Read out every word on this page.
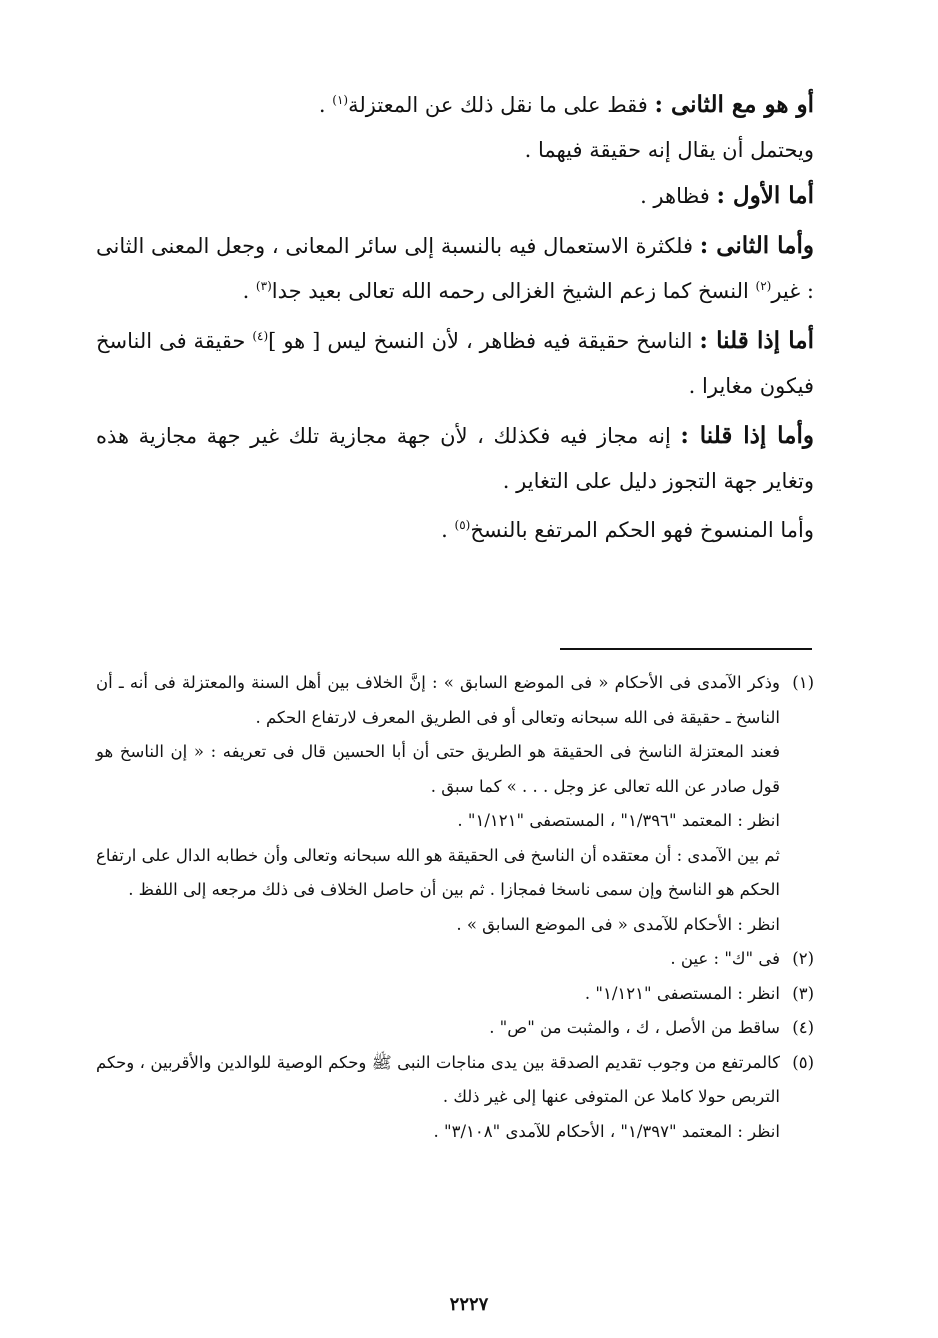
أو هو مع الثانى : فقط على ما نقل ذلك عن المعتزلة$^{(١)}$ .

ويحتمل أن يقال إنه حقيقة فيهما .

أما الأول : فظاهر .

وأما الثانى : فلكثرة الاستعمال فيه بالنسبة إلى سائر المعانى ، وجعل المعنى الثانى : غير$^{(٢)}$ النسخ كما زعم الشيخ الغزالى رحمه الله تعالى بعيد جدا$^{(٣)}$ .

أما إذا قلنا : الناسخ حقيقة فيه فظاهر ، لأن النسخ ليس [ هو ]$^{(٤)}$ حقيقة فى الناسخ فيكون مغايرا .

وأما إذا قلنا : إنه مجاز فيه فكذلك ، لأن جهة مجازية تلك غير جهة مجازية هذه وتغاير جهة التجوز دليل على التغاير .

وأما المنسوخ فهو الحكم المرتفع بالنسخ$^{(٥)}$ .

(١)
وذكر الآمدى فى الأحكام « فى الموضع السابق » : إنَّ الخلاف بين أهل السنة والمعتزلة فى أنه ـ أن الناسخ ـ حقيقة فى الله سبحانه وتعالى أو فى الطريق المعرف لارتفاع الحكم .

فعند المعتزلة الناسخ فى الحقيقة هو الطريق حتى أن أبا الحسين قال فى تعريفه : « إن الناسخ هو قول صادر عن الله تعالى عز وجل . . . » كما سبق .

انظر : المعتمد "١/٣٩٦" ، المستصفى "١/١٢١" .

ثم بين الآمدى : أن معتقده أن الناسخ فى الحقيقة هو الله سبحانه وتعالى وأن خطابه الدال على ارتفاع الحكم هو الناسخ وإن سمى ناسخا فمجازا . ثم بين أن حاصل الخلاف فى ذلك مرجعه إلى اللفظ .

انظر : الأحكام للآمدى « فى الموضع السابق » .

(٢)
فى "ك" : عين .

(٣)
انظر : المستصفى "١/١٢١" .

(٤)
ساقط من الأصل ، ك ، والمثبت من "ص" .

(٥)
كالمرتفع من وجوب تقديم الصدقة بين يدى مناجات النبى ﷺ وحكم الوصية للوالدين والأقربين ، وحكم التربص حولا كاملا عن المتوفى عنها إلى غير ذلك .

انظر : المعتمد "١/٣٩٧" ، الأحكام للآمدى "٣/١٠٨" .

٢٢٢٧
